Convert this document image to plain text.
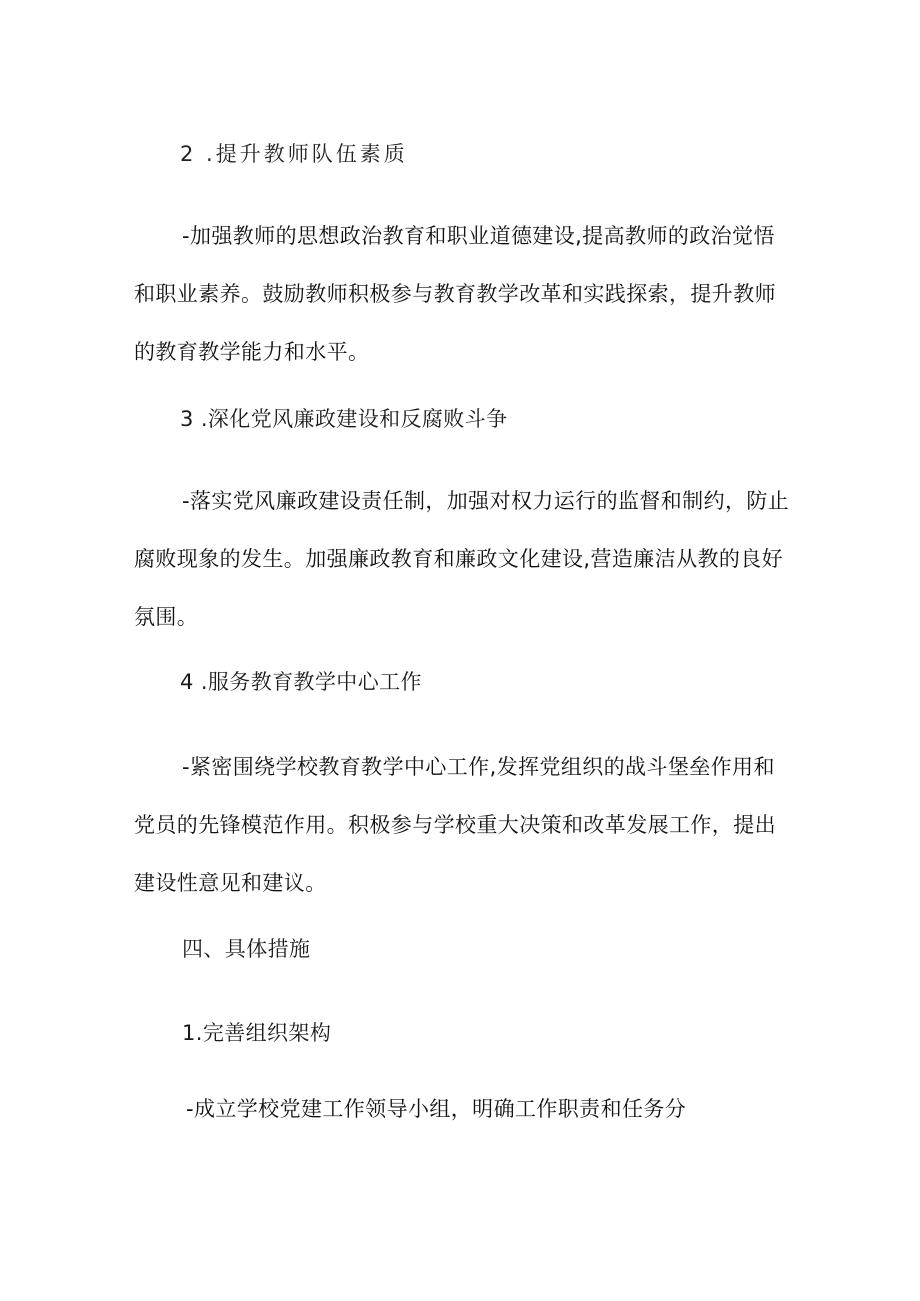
2 .提升教师队伍素质
-加强教师的思想政治教育和职业道德建设,提高教师的政治觉悟
和职业素养。鼓励教师积极参与教育教学改革和实践探索，提升教师
的教育教学能力和水平。
3 .深化党风廉政建设和反腐败斗争
-落实党风廉政建设责任制，加强对权力运行的监督和制约，防止
腐败现象的发生。加强廉政教育和廉政文化建设,营造廉洁从教的良好
氛围。
4 .服务教育教学中心工作
-紧密围绕学校教育教学中心工作,发挥党组织的战斗堡垒作用和
党员的先锋模范作用。积极参与学校重大决策和改革发展工作，提出
建设性意见和建议。
四、具体措施
1.完善组织架构
-成立学校党建工作领导小组，明确工作职责和任务分
